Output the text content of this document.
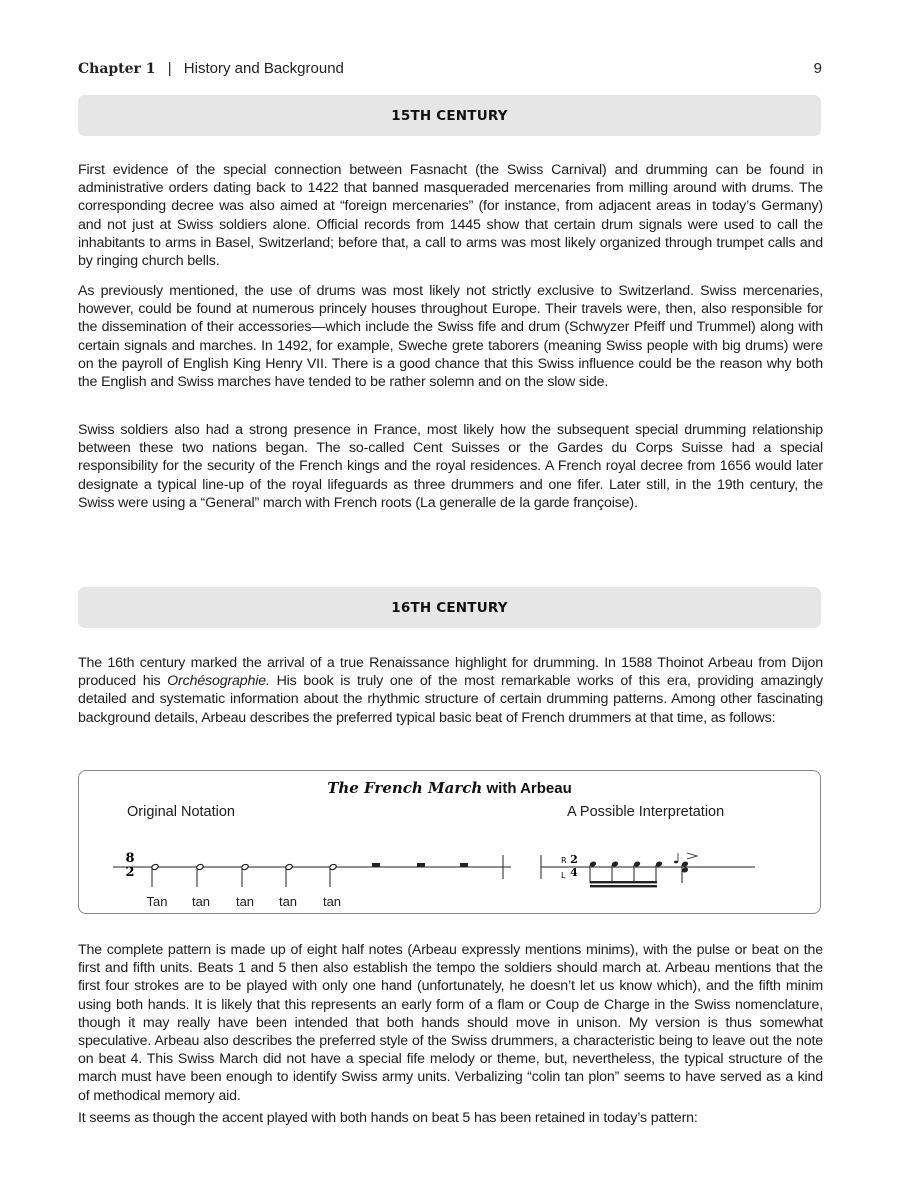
Chapter 1 | History and Background	9
15TH CENTURY

First evidence of the special connection between Fasnacht (the Swiss Carnival) and drumming can be found in administrative orders dating back to 1422 that banned masqueraded mercenaries from milling around with drums. The corresponding decree was also aimed at “foreign mercenaries” (for instance, from adjacent areas in today’s Germany) and not just at Swiss soldiers alone. Official records from 1445 show that certain drum signals were used to call the inhabitants to arms in Basel, Switzerland; before that, a call to arms was most likely organized through trumpet calls and by ringing church bells.

As previously mentioned, the use of drums was most likely not strictly exclusive to Switzerland. Swiss mercenaries, however, could be found at numerous princely houses throughout Europe. Their travels were, then, also responsible for the dissemination of their accessories—which include the Swiss fife and drum (Schwyzer Pfeiff und Trummel) along with certain signals and marches. In 1492, for example, Sweche grete taborers (meaning Swiss people with big drums) were on the payroll of English King Henry VII. There is a good chance that this Swiss influence could be the reason why both the English and Swiss marches have tended to be rather solemn and on the slow side.

Swiss soldiers also had a strong presence in France, most likely how the subsequent special drumming relationship between these two nations began. The so-called Cent Suisses or the Gardes du Corps Suisse had a special responsibility for the security of the French kings and the royal residences. A French royal decree from 1656 would later designate a typical line-up of the royal lifeguards as three drummers and one fifer. Later still, in the 19th century, the Swiss were using a “General” march with French roots (La generalle de la garde françoise).

16TH CENTURY

The 16th century marked the arrival of a true Renaissance highlight for drumming. In 1588 Thoinot Arbeau from Dijon produced his Orchésographie. His book is truly one of the most remarkable works of this era, providing amazingly detailed and systematic information about the rhythmic structure of certain drumming patterns. Among other fascinating background details, Arbeau describes the preferred typical basic beat of French drummers at that time, as follows:

The French March with Arbeau
Original Notation	A Possible Interpretation
8
2
R
L
2
4
Tan	tan	tan	tan	tan

The complete pattern is made up of eight half notes (Arbeau expressly mentions minims), with the pulse or beat on the first and fifth units. Beats 1 and 5 then also establish the tempo the soldiers should march at. Arbeau mentions that the first four strokes are to be played with only one hand (unfortunately, he doesn’t let us know which), and the fifth minim using both hands. It is likely that this represents an early form of a flam or Coup de Charge in the Swiss nomenclature, though it may really have been intended that both hands should move in unison. My version is thus somewhat speculative. Arbeau also describes the preferred style of the Swiss drummers, a characteristic being to leave out the note on beat 4. This Swiss March did not have a special fife melody or theme, but, nevertheless, the typical structure of the march must have been enough to identify Swiss army units. Verbalizing “colin tan plon” seems to have served as a kind of methodical memory aid.

It seems as though the accent played with both hands on beat 5 has been retained in today’s pattern:
